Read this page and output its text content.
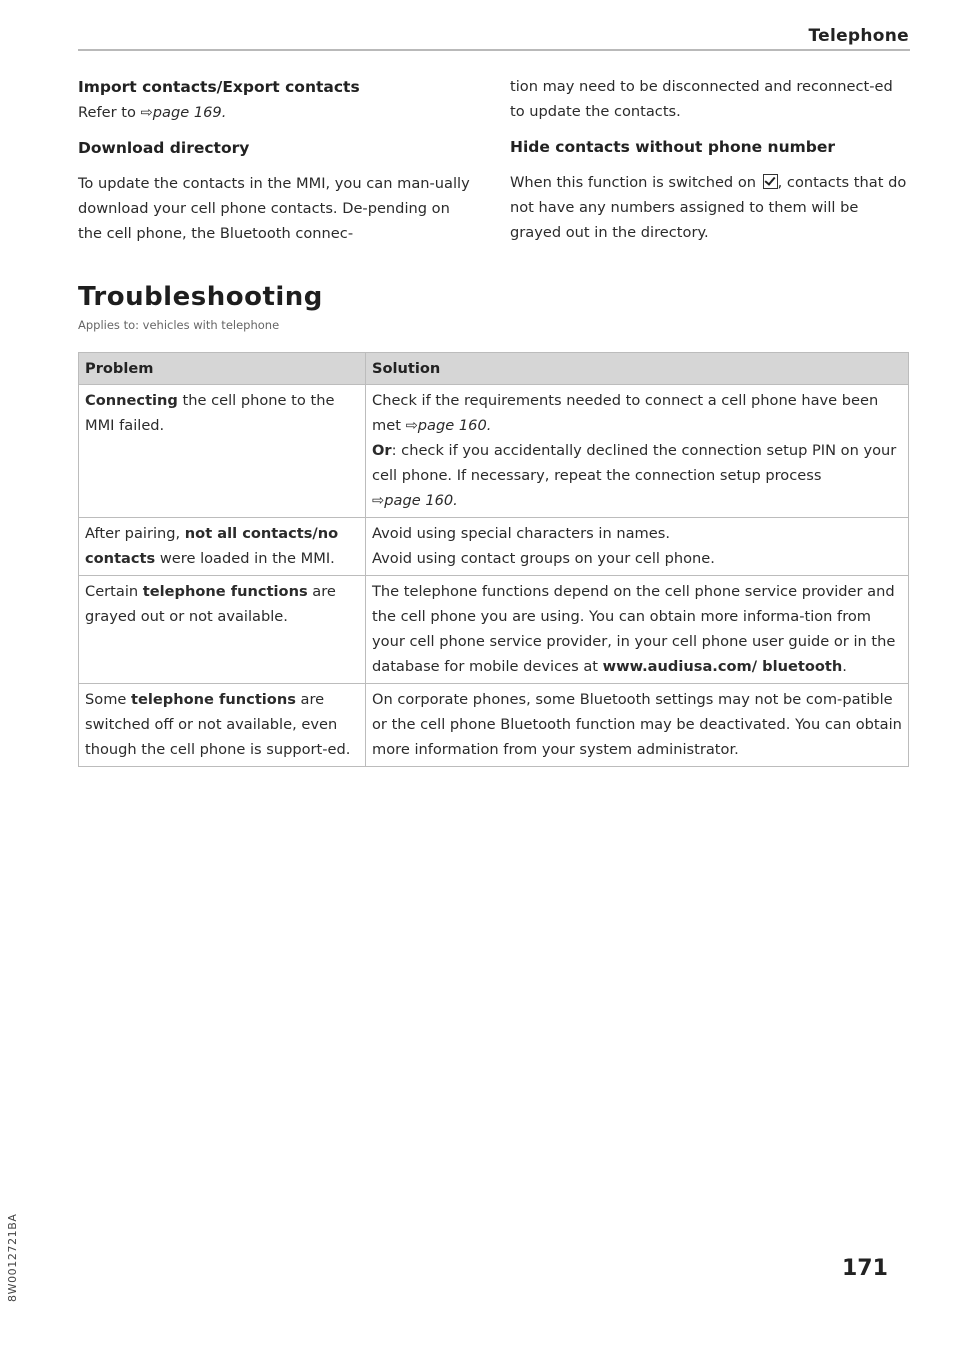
Telephone
Import contacts/Export contacts

Refer to ⇨page 169.

Download directory

To update the contacts in the MMI, you can man-ually download your cell phone contacts. De-pending on the cell phone, the Bluetooth connec-

tion may need to be disconnected and reconnect-ed to update the contacts.

Hide contacts without phone number

When this function is switched on , contacts that do not have any numbers assigned to them will be grayed out in the directory.

Troubleshooting
Applies to: vehicles with telephone
Problem	Solution
Connecting the cell phone to the MMI failed.	Check if the requirements needed to connect a cell phone have been met ⇨page 160.
Or: check if you accidentally declined the connection setup PIN on your cell phone. If necessary, repeat the connection setup process
⇨page 160.
After pairing, not all contacts/no contacts were loaded in the MMI.	Avoid using special characters in names.
Avoid using contact groups on your cell phone.
Certain telephone functions are grayed out or not available.	The telephone functions depend on the cell phone service provider and the cell phone you are using. You can obtain more informa-tion from your cell phone service provider, in your cell phone user guide or in the database for mobile devices at www.audiusa.com/ bluetooth.
Some telephone functions are switched off or not available, even though the cell phone is support-ed.	On corporate phones, some Bluetooth settings may not be com-patible or the cell phone Bluetooth function may be deactivated. You can obtain more information from your system administrator.
8W0012721BA	171
